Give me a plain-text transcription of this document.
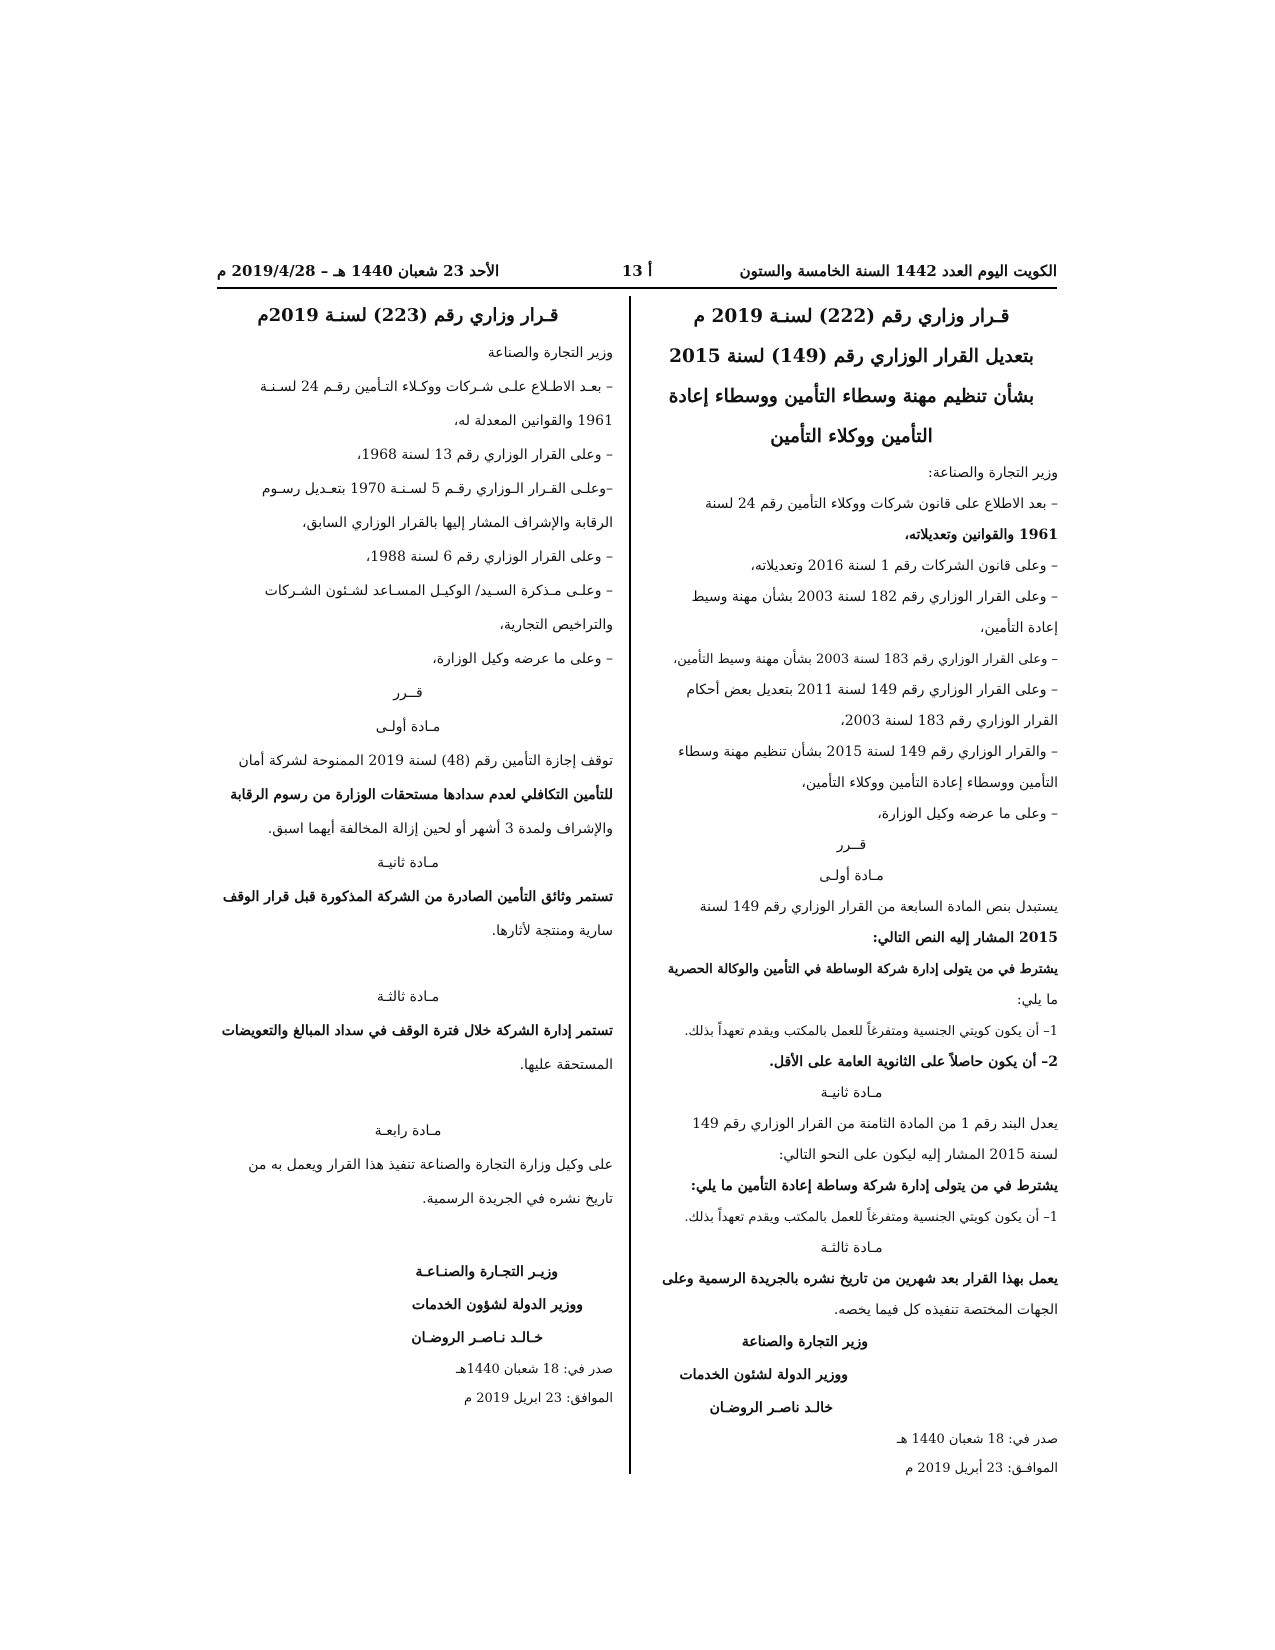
الكويت اليوم العدد 1442 السنة الخامسة والستون
أ 13
الأحد 23 شعبان 1440 هـ – 2019/4/28 م
قـرار وزاري رقم (222) لسنـة 2019 م
بتعديل القرار الوزاري رقم (149) لسنة 2015
بشأن تنظيم مهنة وسطاء التأمين ووسطاء إعادة
التأمين ووكلاء التأمين
وزير التجارة والصناعة:
– بعد الاطلاع على قانون شركات ووكلاء التأمين رقم 24 لسنة
1961 والقوانين وتعديلاته،
– وعلى قانون الشركات رقم 1 لسنة 2016 وتعديلاته،
– وعلى القرار الوزاري رقم 182 لسنة 2003 بشأن مهنة وسيط
إعادة التأمين،
– وعلى القرار الوزاري رقم 183 لسنة 2003 بشأن مهنة وسيط التأمين،
– وعلى القرار الوزاري رقم 149 لسنة 2011 بتعديل بعض أحكام
القرار الوزاري رقم 183 لسنة 2003،
– والقرار الوزاري رقم 149 لسنة 2015 بشأن تنظيم مهنة وسطاء
التأمين ووسطاء إعادة التأمين ووكلاء التأمين،
– وعلى ما عرضه وكيل الوزارة،
قــرر
مـادة أولـى
يستبدل بنص المادة السابعة من القرار الوزاري رقم 149 لسنة
2015 المشار إليه النص التالي:
يشترط في من يتولى إدارة شركة الوساطة في التأمين والوكالة الحصرية
ما يلي:
1– أن يكون كويتي الجنسية ومتفرغاً للعمل بالمكتب ويقدم تعهداً بذلك.
2– أن يكون حاصلاً على الثانوية العامة على الأقل.
مـادة ثانيـة
يعدل البند رقم 1 من المادة الثامنة من القرار الوزاري رقم 149
لسنة 2015 المشار إليه ليكون على النحو التالي:
يشترط في من يتولى إدارة شركة وساطة إعادة التأمين ما يلي:
1– أن يكون كويتي الجنسية ومتفرغاً للعمل بالمكتب ويقدم تعهداً بذلك.
مـادة ثالثـة
يعمل بهذا القرار بعد شهرين من تاريخ نشره بالجريدة الرسمية وعلى
الجهات المختصة تنفيذه كل فيما يخصه.
وزير التجارة والصناعة
ووزير الدولة لشئون الخدمات
خالـد ناصـر الروضـان
صدر في: 18 شعبان 1440 هـ
الموافـق: 23 أبريل 2019 م
قـرار وزاري رقم (223) لسنـة 2019م
وزير التجارة والصناعة
– بعـد الاطـلاع علـى شـركات ووكـلاء التـأمين رقـم 24 لسـنـة
1961 والقوانين المعدلة له،
– وعلى القرار الوزاري رقم 13 لسنة 1968،
–وعلـى القـرار الـوزاري رقـم 5 لسـنـة 1970 بتعـديل رسـوم
الرقابة والإشراف المشار إليها بالقرار الوزاري السابق،
– وعلى القرار الوزاري رقم 6 لسنة 1988،
– وعلـى مـذكرة السـيد/ الوكيـل المسـاعد لشـئون الشـركات
والتراخيص التجارية،
– وعلى ما عرضه وكيل الوزارة،
قــرر
مـادة أولـى
توقف إجازة التأمين رقم (48) لسنة 2019 الممنوحة لشركة أمان
للتأمين التكافلي لعدم سدادها مستحقات الوزارة من رسوم الرقابة
والإشراف ولمدة 3 أشهر أو لحين إزالة المخالفة أيهما اسبق.
مـادة ثانيـة
تستمر وثائق التأمين الصادرة من الشركة المذكورة قبل قرار الوقف
سارية ومنتجة لأثارها.
مـادة ثالثـة
تستمر إدارة الشركة خلال فترة الوقف في سداد المبالغ والتعويضات
المستحقة عليها.
مـادة رابعـة
على وكيل وزارة التجارة والصناعة تنفيذ هذا القرار ويعمل به من
تاريخ نشره في الجريدة الرسمية.
وزيـر التجـارة والصنـاعـة
ووزير الدولة لشؤون الخدمات
خـالـد نـاصـر الروضـان
صدر في: 18 شعبان 1440هـ
الموافق: 23 ابريل 2019 م
